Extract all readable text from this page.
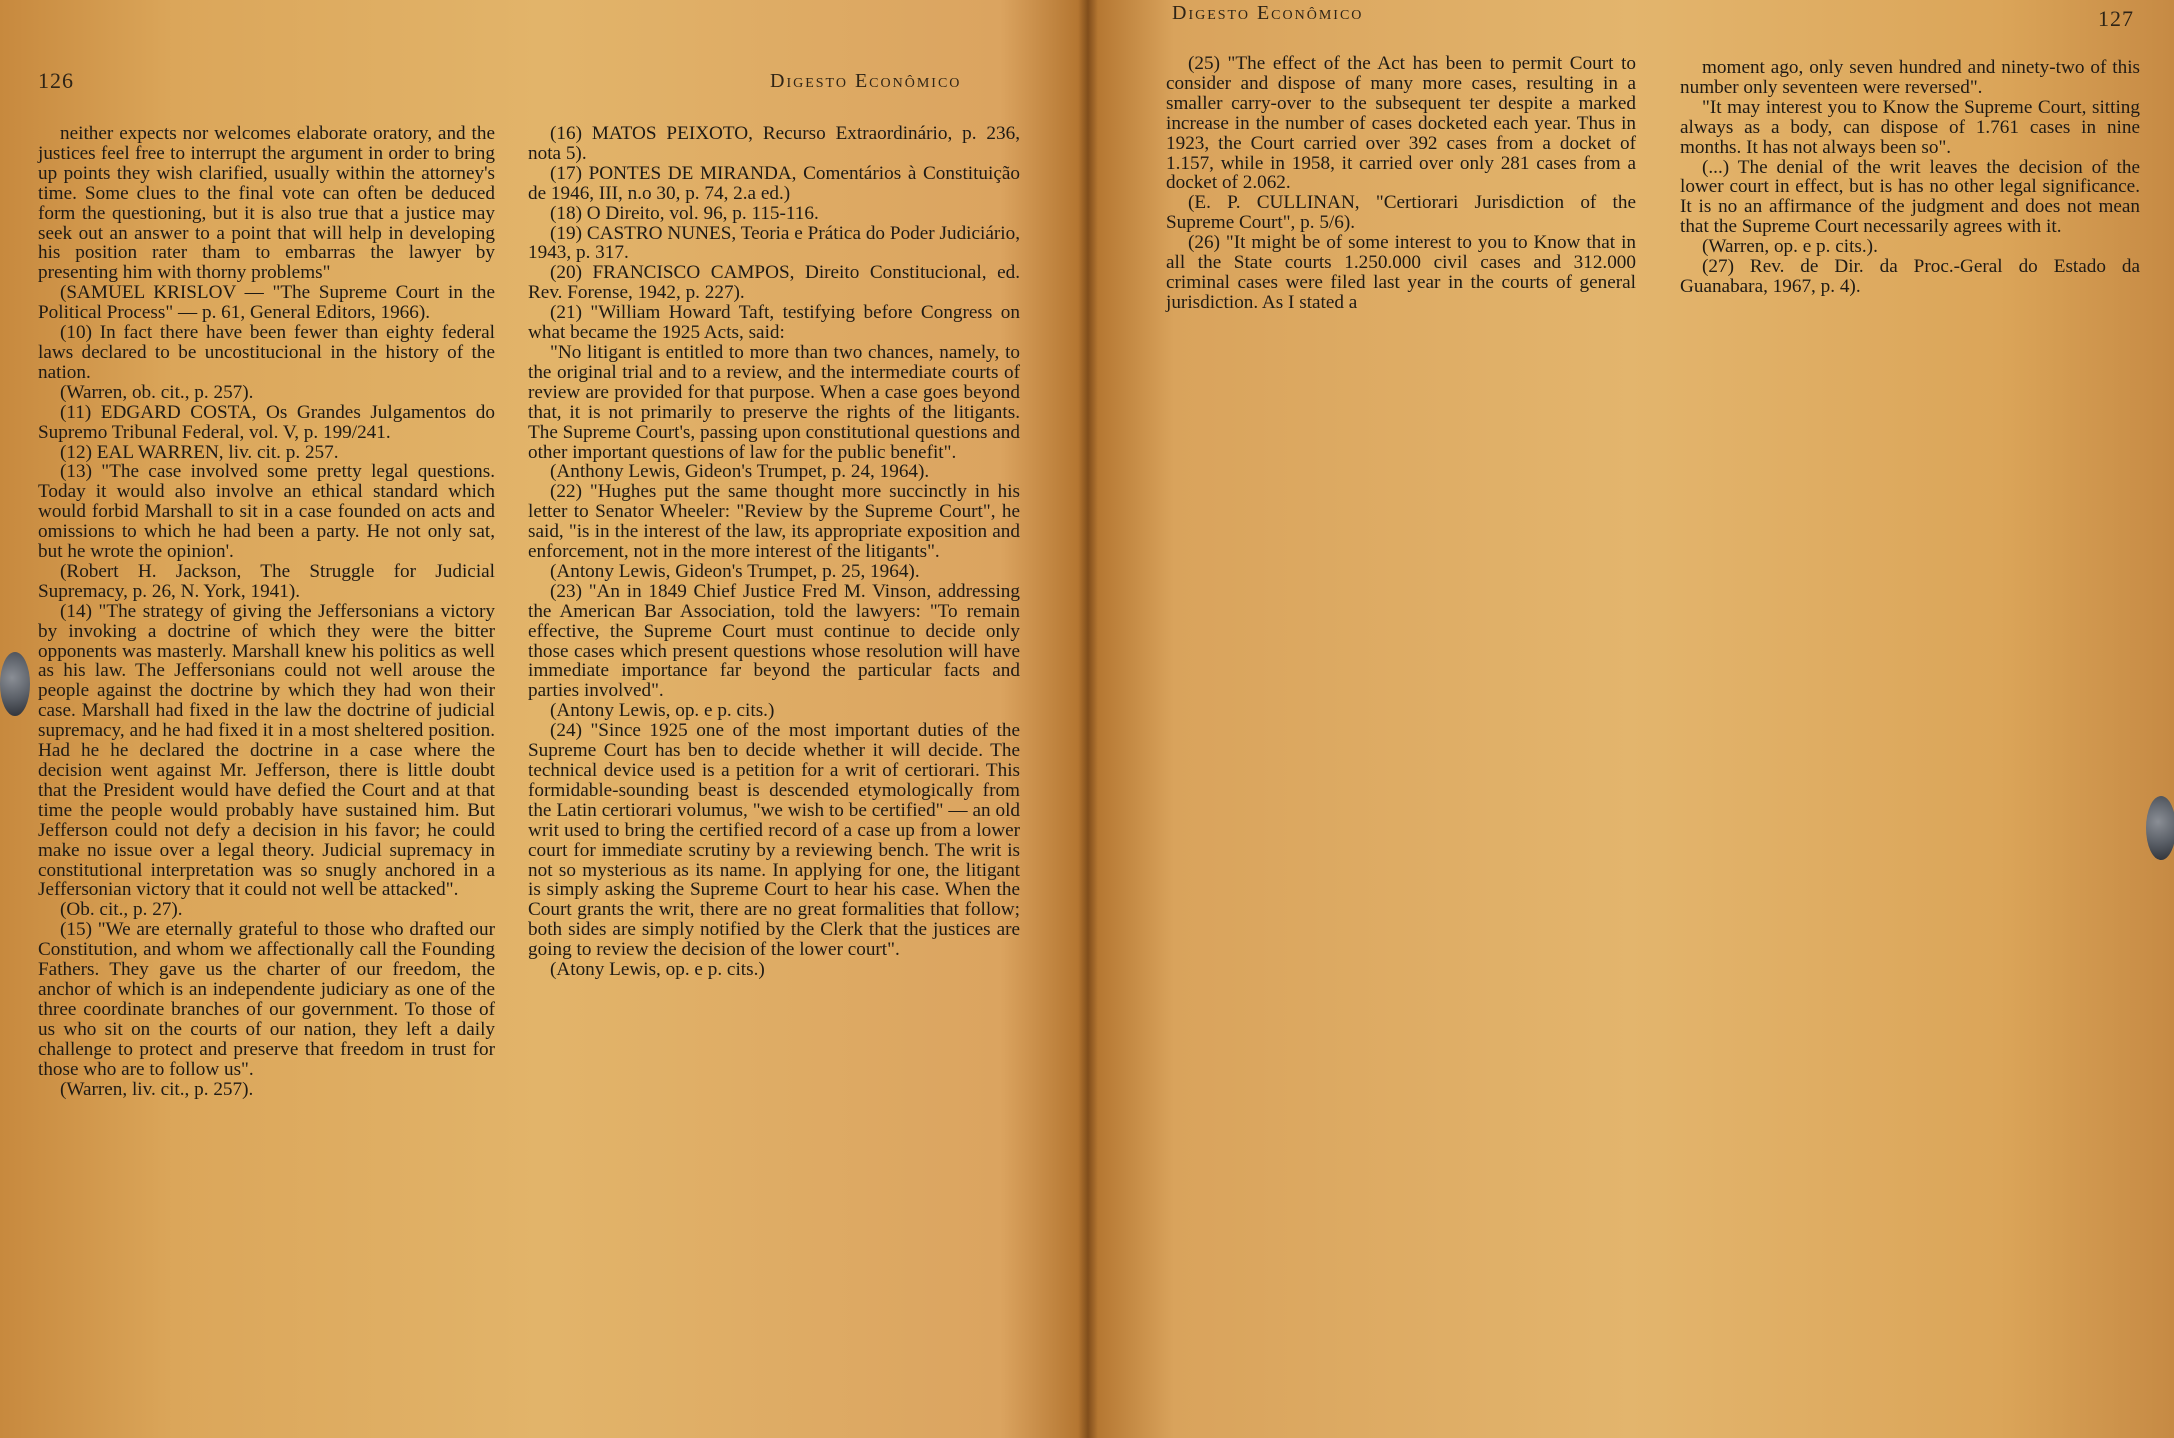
126	Digesto Econômico

neither expects nor welcomes elaborate oratory, and the justices feel free to interrupt the argument in order to bring up points they wish clarified, usually within the attorney's time. Some clues to the final vote can often be deduced form the questioning, but it is also true that a justice may seek out an answer to a point that will help in developing his position rater tham to embarras the lawyer by presenting him with thorny problems"

(SAMUEL KRISLOV — "The Supreme Court in the Political Process" — p. 61, General Editors, 1966).

(10) In fact there have been fewer than eighty federal laws declared to be uncostitucional in the history of the nation.

(Warren, ob. cit., p. 257).

(11) EDGARD COSTA, Os Grandes Julgamentos do Supremo Tribunal Federal, vol. V, p. 199/241.

(12) EAL WARREN, liv. cit. p. 257.

(13) "The case involved some pretty legal questions. Today it would also involve an ethical standard which would forbid Marshall to sit in a case founded on acts and omissions to which he had been a party. He not only sat, but he wrote the opinion'.

(Robert H. Jackson, The Struggle for Judicial Supremacy, p. 26, N. York, 1941).

(14) "The strategy of giving the Jeffersonians a victory by invoking a doctrine of which they were the bitter opponents was masterly. Marshall knew his politics as well as his law. The Jeffersonians could not well arouse the people against the doctrine by which they had won their case. Marshall had fixed in the law the doctrine of judicial supremacy, and he had fixed it in a most sheltered position. Had he he declared the doctrine in a case where the decision went against Mr. Jefferson, there is little doubt that the President would have defied the Court and at that time the people would probably have sustained him. But Jefferson could not defy a decision in his favor; he could make no issue over a legal theory. Judicial supremacy in constitutional interpretation was so snugly anchored in a Jeffersonian victory that it could not well be attacked".

(Ob. cit., p. 27).

(15) "We are eternally grateful to those who drafted our Constitution, and whom we affectionally call the Founding Fathers. They gave us the charter of our freedom, the anchor of which is an independente judiciary as one of the three coordinate branches of our government. To those of us who sit on the courts of our nation, they left a daily challenge to protect and preserve that freedom in trust for those who are to follow us".

(Warren, liv. cit., p. 257).

(16) MATOS PEIXOTO, Recurso Extraordinário, p. 236, nota 5).

(17) PONTES DE MIRANDA, Comentários à Constituição de 1946, III, n.o 30, p. 74, 2.a ed.)

(18) O Direito, vol. 96, p. 115-116.

(19) CASTRO NUNES, Teoria e Prática do Poder Judiciário, 1943, p. 317.

(20) FRANCISCO CAMPOS, Direito Constitucional, ed. Rev. Forense, 1942, p. 227).

(21) "William Howard Taft, testifying before Congress on what became the 1925 Acts, said:

"No litigant is entitled to more than two chances, namely, to the original trial and to a review, and the intermediate courts of review are provided for that purpose. When a case goes beyond that, it is not primarily to preserve the rights of the litigants. The Supreme Court's, passing upon constitutional questions and other important questions of law for the public benefit".

(Anthony Lewis, Gideon's Trumpet, p. 24, 1964).

(22) "Hughes put the same thought more succinctly in his letter to Senator Wheeler: "Review by the Supreme Court", he said, "is in the interest of the law, its appropriate exposition and enforcement, not in the more interest of the litigants".

(Antony Lewis, Gideon's Trumpet, p. 25, 1964).

(23) "An in 1849 Chief Justice Fred M. Vinson, addressing the American Bar Association, told the lawyers: "To remain effective, the Supreme Court must continue to decide only those cases which present questions whose resolution will have immediate importance far beyond the particular facts and parties involved".

(Antony Lewis, op. e p. cits.)

(24) "Since 1925 one of the most important duties of the Supreme Court has ben to decide whether it will decide. The technical device used is a petition for a writ of certiorari. This formidable-sounding beast is descended etymologically from the Latin certiorari volumus, "we wish to be certified" — an old writ used to bring the certified record of a case up from a lower court for immediate scrutiny by a reviewing bench. The writ is not so mysterious as its name. In applying for one, the litigant is simply asking the Supreme Court to hear his case. When the Court grants the writ, there are no great formalities that follow; both sides are simply notified by the Clerk that the justices are going to review the decision of the lower court".

(Atony Lewis, op. e p. cits.)

Digesto Econômico	127

(25) "The effect of the Act has been to permit Court to consider and dispose of many more cases, resulting in a smaller carry-over to the subsequent ter despite a marked increase in the number of cases docketed each year. Thus in 1923, the Court carried over 392 cases from a docket of 1.157, while in 1958, it carried over only 281 cases from a docket of 2.062.

(E. P. CULLINAN, "Certiorari Jurisdiction of the Supreme Court", p. 5/6).

(26) "It might be of some interest to you to Know that in all the State courts 1.250.000 civil cases and 312.000 criminal cases were filed last year in the courts of general jurisdiction. As I stated a

moment ago, only seven hundred and ninety-two of this number only seventeen were reversed".

"It may interest you to Know the Supreme Court, sitting always as a body, can dispose of 1.761 cases in nine months. It has not always been so".

(...) The denial of the writ leaves the decision of the lower court in effect, but is has no other legal significance. It is no an affirmance of the judgment and does not mean that the Supreme Court necessarily agrees with it.

(Warren, op. e p. cits.).

(27) Rev. de Dir. da Proc.-Geral do Estado da Guanabara, 1967, p. 4).
